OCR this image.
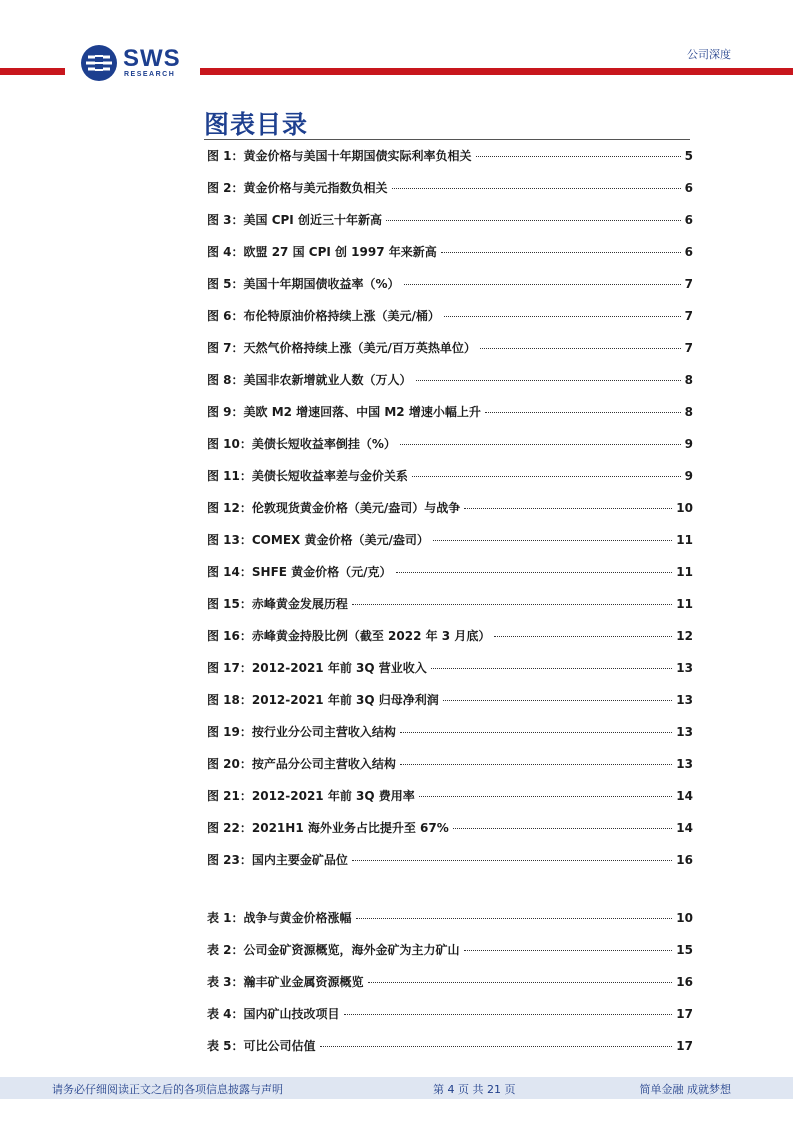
SWS
RESEARCH
公司深度
图表目录
图 1：黄金价格与美国十年期国债实际利率负相关	5
图 2：黄金价格与美元指数负相关	6
图 3：美国 CPI 创近三十年新高	6
图 4：欧盟 27 国 CPI 创 1997 年来新高	6
图 5：美国十年期国债收益率（%）	7
图 6：布伦特原油价格持续上涨（美元/桶）	7
图 7：天然气价格持续上涨（美元/百万英热单位）	7
图 8：美国非农新增就业人数（万人）	8
图 9：美欧 M2 增速回落、中国 M2 增速小幅上升	8
图 10：美债长短收益率倒挂（%）	9
图 11：美债长短收益率差与金价关系	9
图 12：伦敦现货黄金价格（美元/盎司）与战争	10
图 13：COMEX 黄金价格（美元/盎司）	11
图 14：SHFE 黄金价格（元/克）	11
图 15：赤峰黄金发展历程	11
图 16：赤峰黄金持股比例（截至 2022 年 3 月底）	12
图 17：2012-2021 年前 3Q 营业收入	13
图 18：2012-2021 年前 3Q 归母净利润	13
图 19：按行业分公司主营收入结构	13
图 20：按产品分公司主营收入结构	13
图 21：2012-2021 年前 3Q 费用率	14
图 22：2021H1 海外业务占比提升至 67%	14
图 23：国内主要金矿品位	16
表 1：战争与黄金价格涨幅	10
表 2：公司金矿资源概览，海外金矿为主力矿山	15
表 3：瀚丰矿业金属资源概览	16
表 4：国内矿山技改项目	17
表 5：可比公司估值	17
请务必仔细阅读正文之后的各项信息披露与声明	第 4 页 共 21 页	简单金融 成就梦想
